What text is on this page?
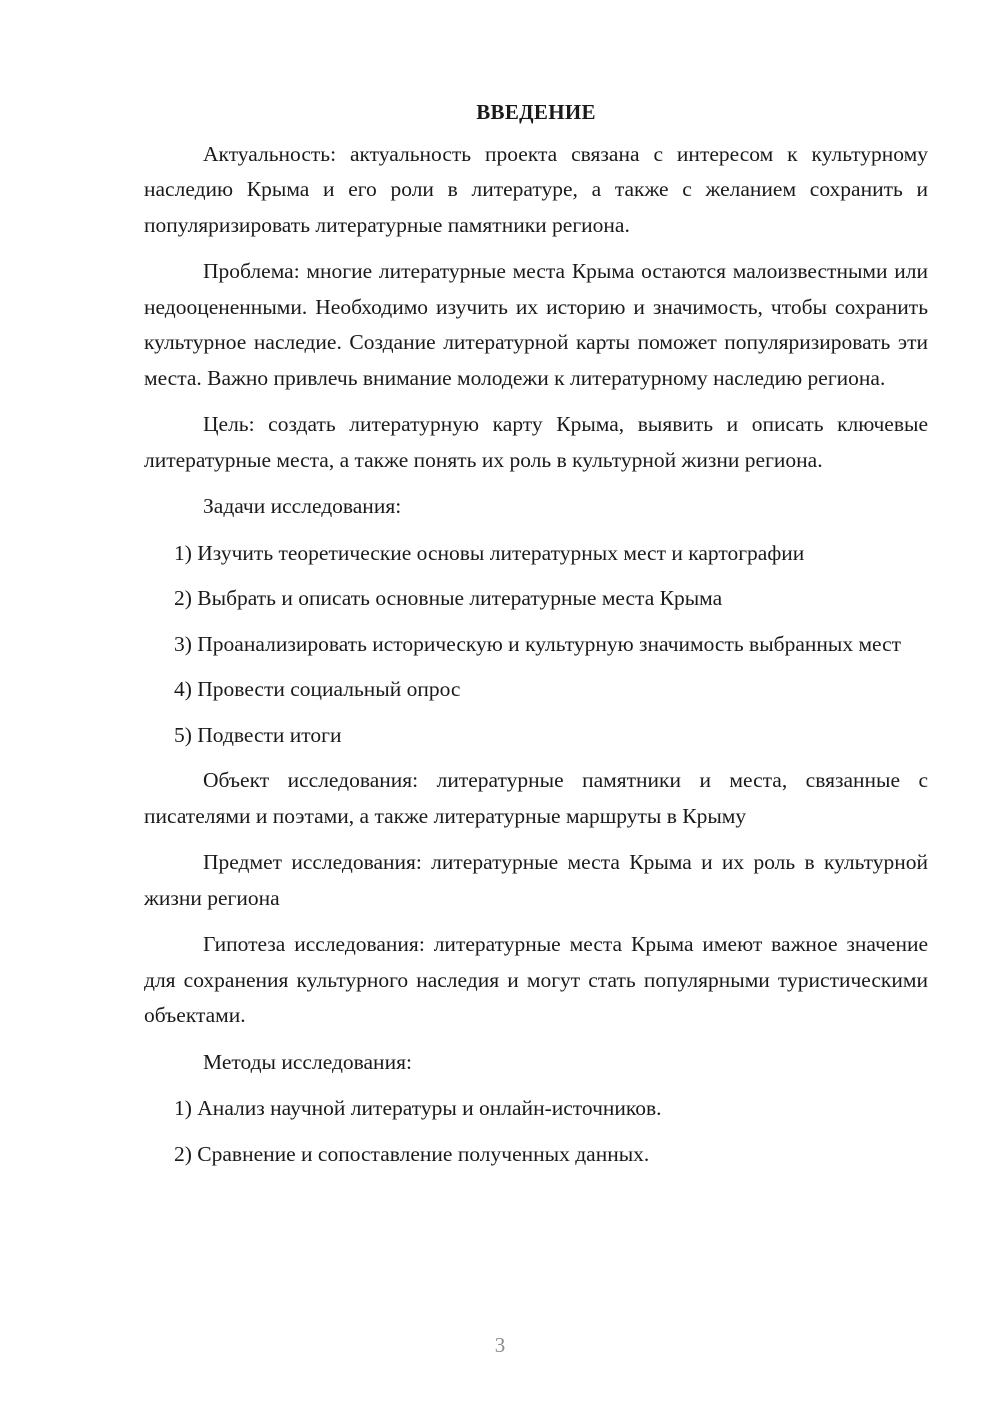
ВВЕДЕНИЕ
Актуальность: актуальность проекта связана с интересом к культурному наследию Крыма и его роли в литературе, а также с желанием сохранить и популяризировать литературные памятники региона.
Проблема: многие литературные места Крыма остаются малоизвестными или недооцененными. Необходимо изучить их историю и значимость, чтобы сохранить культурное наследие. Создание литературной карты поможет популяризировать эти места. Важно привлечь внимание молодежи к литературному наследию региона.
Цель: создать литературную карту Крыма, выявить и описать ключевые литературные места, а также понять их роль в культурной жизни региона.
Задачи исследования:
1) Изучить теоретические основы литературных мест и картографии
2) Выбрать и описать основные литературные места Крыма
3) Проанализировать историческую и культурную значимость выбранных мест
4) Провести социальный опрос
5) Подвести итоги
Объект исследования: литературные памятники и места, связанные с писателями и поэтами, а также литературные маршруты в Крыму
Предмет исследования: литературные места Крыма и их роль в культурной жизни региона
Гипотеза исследования: литературные места Крыма имеют важное значение для сохранения культурного наследия и могут стать популярными туристическими объектами.
Методы исследования:
1) Анализ научной литературы и онлайн-источников.
2) Сравнение и сопоставление полученных данных.
3
